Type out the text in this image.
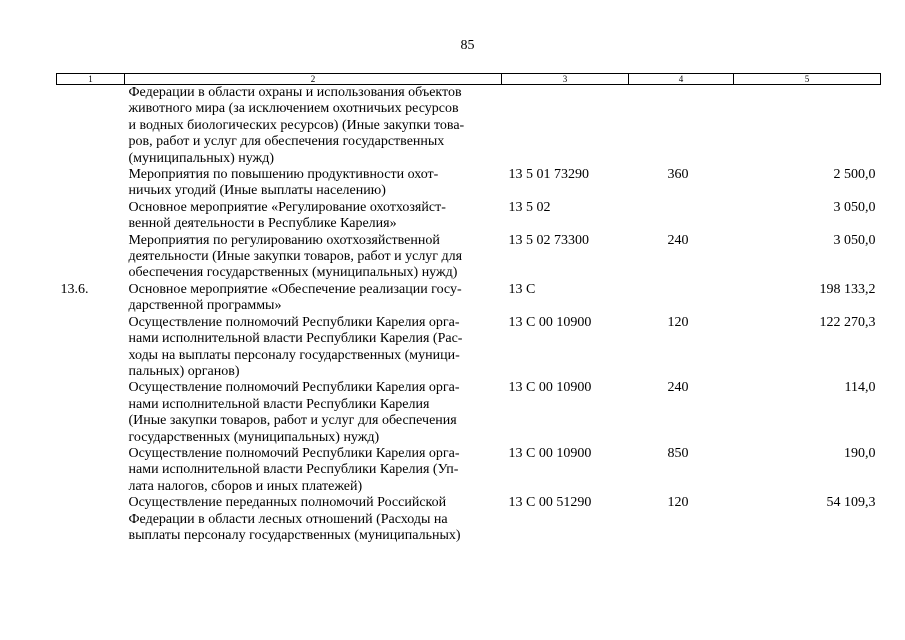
85
1	2	3	4	5

	Федерации в области охраны и использования объектов
животного мира (за исключением охотничьих ресурсов
и водных биологических ресурсов) (Иные закупки това-
ров, работ и услуг для обеспечения государственных
(муниципальных) нужд)			

	Мероприятия по повышению продуктивности охот-
ничьих угодий (Иные выплаты населению)	13 5 01 73290	360	2 500,0

	Основное мероприятие «Регулирование охотхозяйст-
венной деятельности в Республике Карелия»	13 5 02		3 050,0

	Мероприятия по регулированию охотхозяйственной
деятельности (Иные закупки товаров, работ и услуг для
обеспечения государственных (муниципальных) нужд)	13 5 02 73300	240	3 050,0
13.6.	Основное мероприятие «Обеспечение реализации госу-
дарственной программы»	13 С		198 133,2

	Осуществление полномочий Республики Карелия орга-
нами исполнительной власти Республики Карелия (Рас-
ходы на выплаты персоналу государственных (муници-
пальных) органов)	13 С 00 10900	120	122 270,3

	Осуществление полномочий Республики Карелия орга-
нами исполнительной власти Республики Карелия
(Иные закупки товаров, работ и услуг для обеспечения
государственных (муниципальных) нужд)	13 С 00 10900	240	114,0

	Осуществление полномочий Республики Карелия орга-
нами исполнительной власти Республики Карелия (Уп-
лата налогов, сборов и иных платежей)	13 С 00 10900	850	190,0

	Осуществление переданных полномочий Российской
Федерации в области лесных отношений (Расходы на
выплаты персоналу государственных (муниципальных)	13 С 00 51290	120	54 109,3
